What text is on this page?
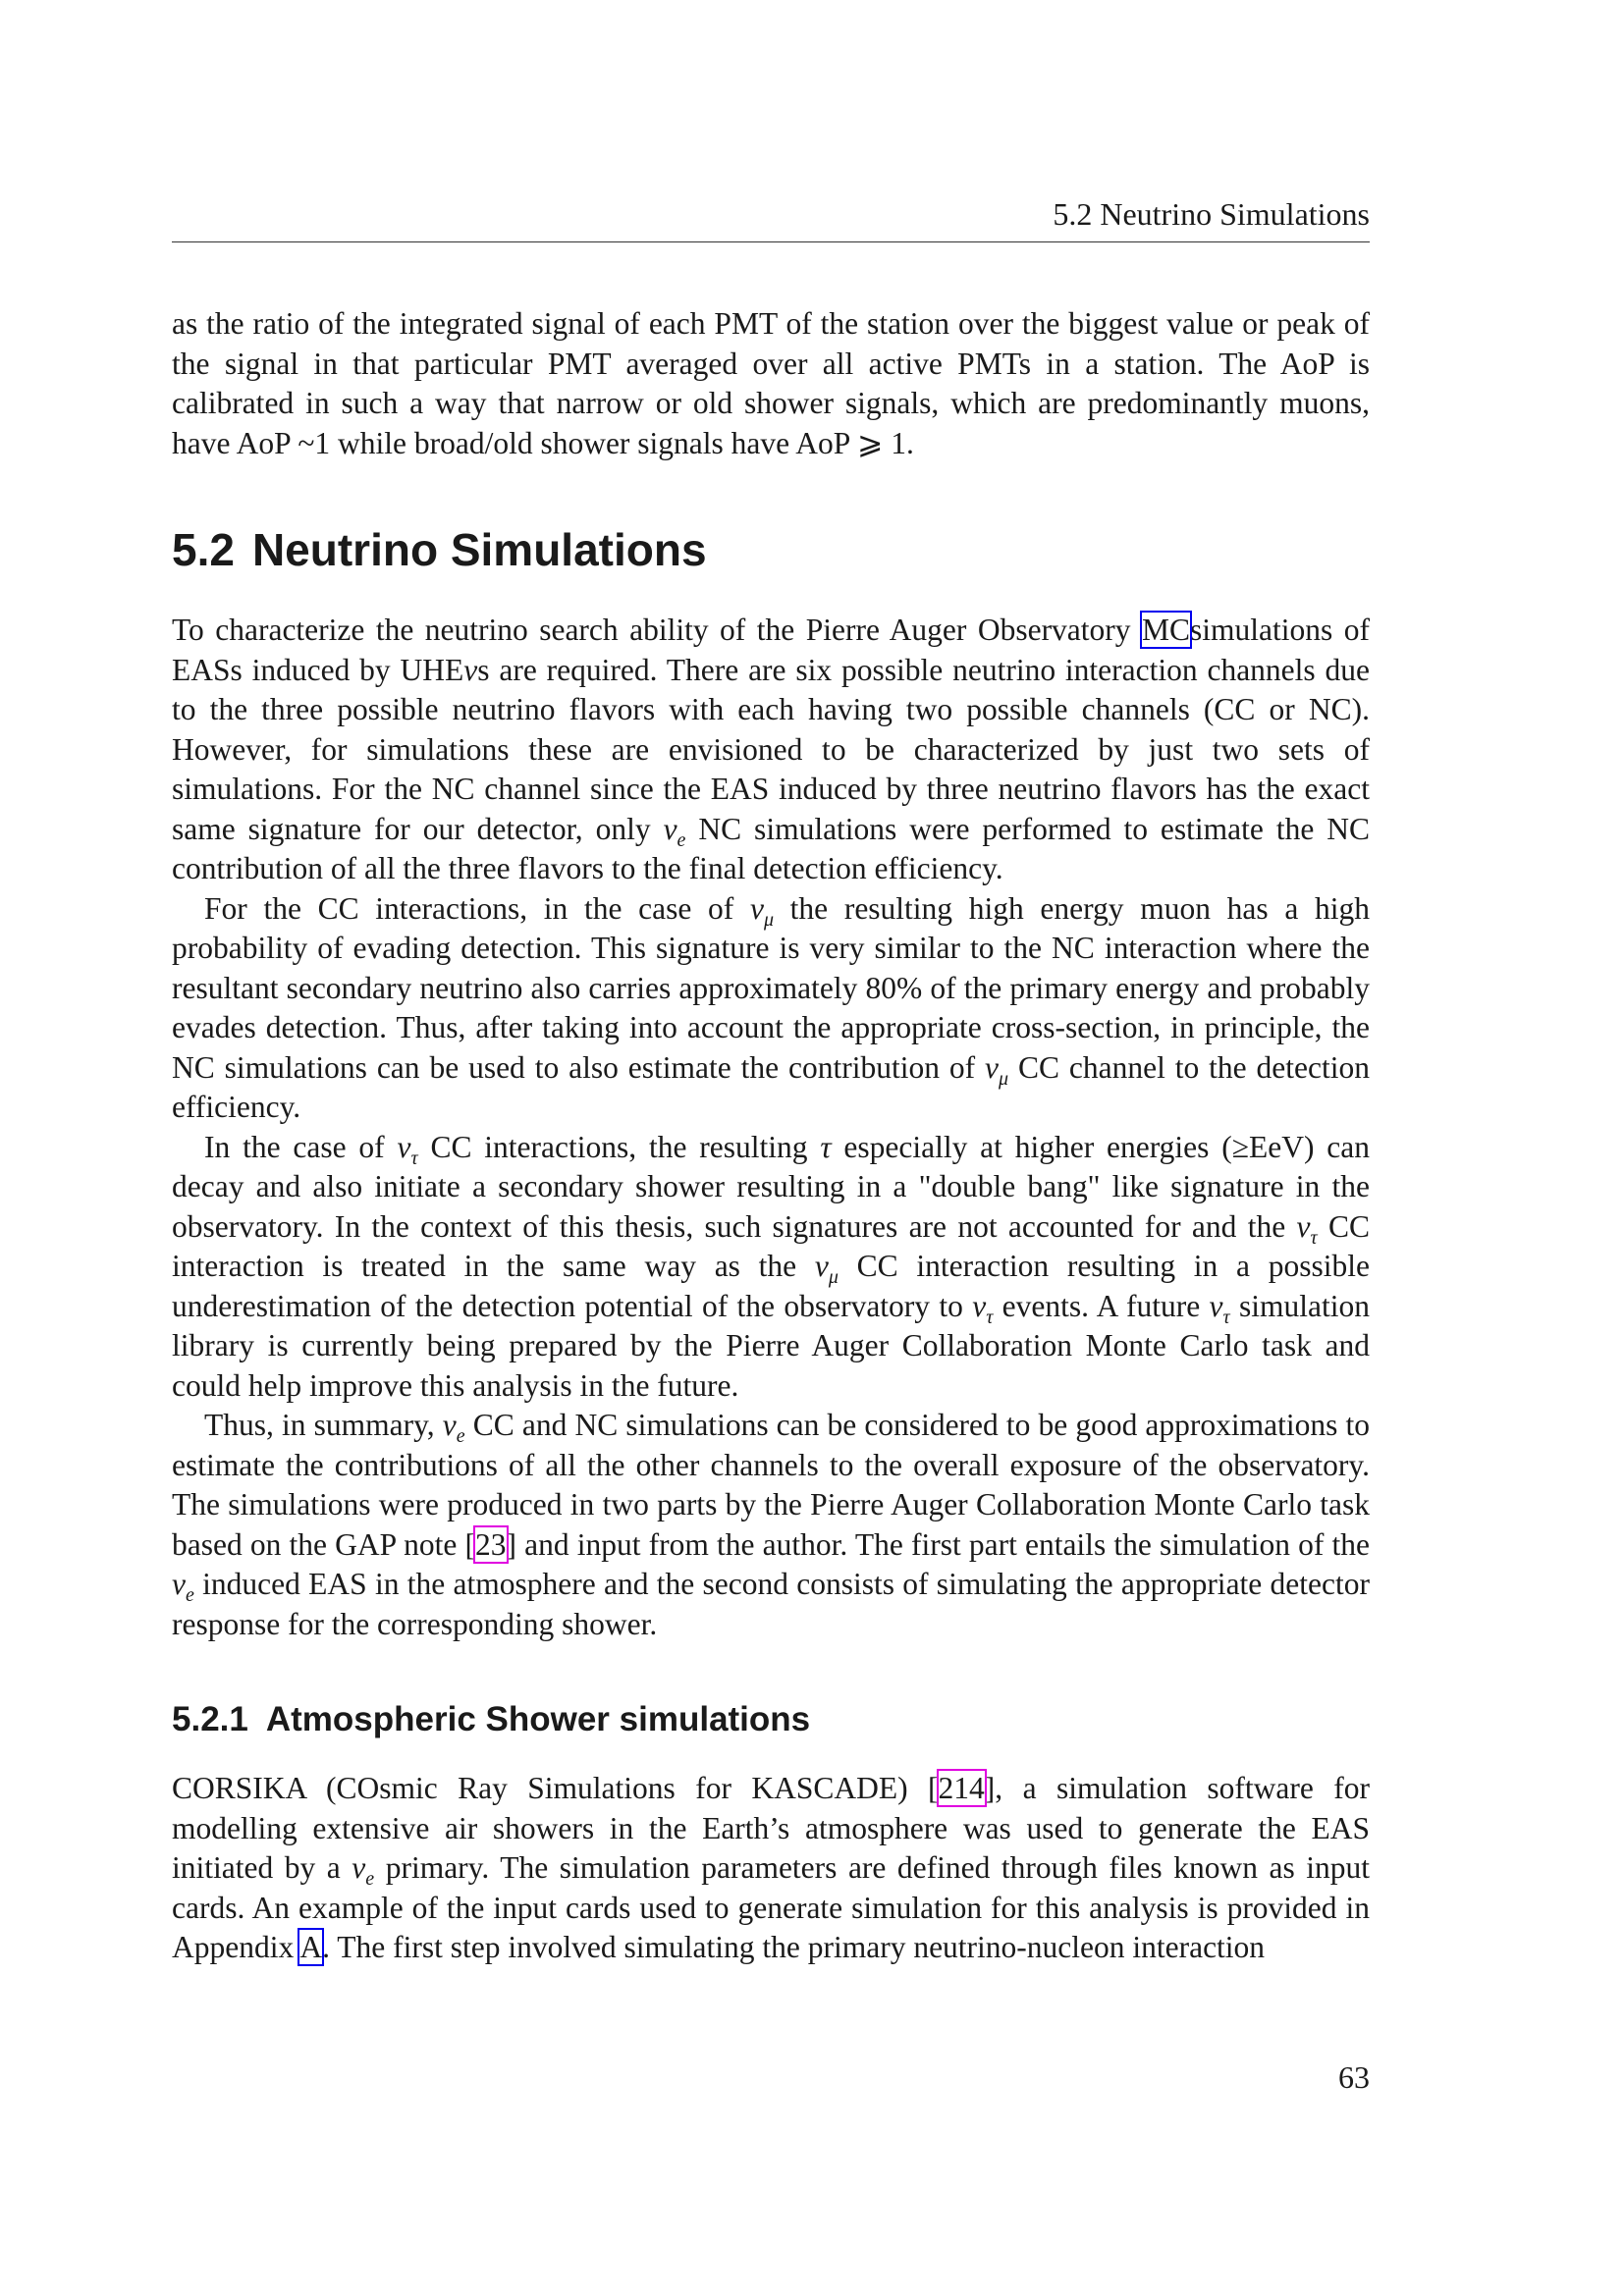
5.2 Neutrino Simulations

as the ratio of the integrated signal of each PMT of the station over the biggest value or peak of the signal in that particular PMT averaged over all active PMTs in a station. The AoP is calibrated in such a way that narrow or old shower signals, which are predominantly muons, have AoP ~1 while broad/old shower signals have AoP ⩾ 1.

5.2 Neutrino Simulations

To characterize the neutrino search ability of the Pierre Auger Observatory MCsimulations of EASs induced by UHEνs are required. There are six possible neutrino interaction channels due to the three possible neutrino flavors with each having two possible channels (CC or NC). However, for simulations these are envisioned to be characterized by just two sets of simulations. For the NC channel since the EAS induced by three neutrino flavors has the exact same signature for our detector, only $\nu_e$ NC simulations were performed to estimate the NC contribution of all the three flavors to the final detection efficiency.

For the CC interactions, in the case of $\nu_\mu$ the resulting high energy muon has a high probability of evading detection. This signature is very similar to the NC interaction where the resultant secondary neutrino also carries approximately 80% of the primary energy and probably evades detection. Thus, after taking into account the appropriate cross-section, in principle, the NC simulations can be used to also estimate the contribution of $\nu_\mu$ CC channel to the detection efficiency.

In the case of $\nu_\tau$ CC interactions, the resulting τ especially at higher energies (≥EeV) can decay and also initiate a secondary shower resulting in a "double bang" like signature in the observatory. In the context of this thesis, such signatures are not accounted for and the $\nu_\tau$ CC interaction is treated in the same way as the $\nu_\mu$ CC interaction resulting in a possible underestimation of the detection potential of the observatory to $\nu_\tau$ events. A future $\nu_\tau$ simulation library is currently being prepared by the Pierre Auger Collaboration Monte Carlo task and could help improve this analysis in the future.

Thus, in summary, $\nu_e$ CC and NC simulations can be considered to be good approximations to estimate the contributions of all the other channels to the overall exposure of the observatory. The simulations were produced in two parts by the Pierre Auger Collaboration Monte Carlo task based on the GAP note [23] and input from the author. The first part entails the simulation of the $\nu_e$ induced EAS in the atmosphere and the second consists of simulating the appropriate detector response for the corresponding shower.

5.2.1 Atmospheric Shower simulations

CORSIKA (COsmic Ray Simulations for KASCADE) [214], a simulation software for modelling extensive air showers in the Earth’s atmosphere was used to generate the EAS initiated by a $\nu_e$ primary. The simulation parameters are defined through files known as input cards. An example of the input cards used to generate simulation for this analysis is provided in Appendix A. The first step involved simulating the primary neutrino-nucleon interaction

63
